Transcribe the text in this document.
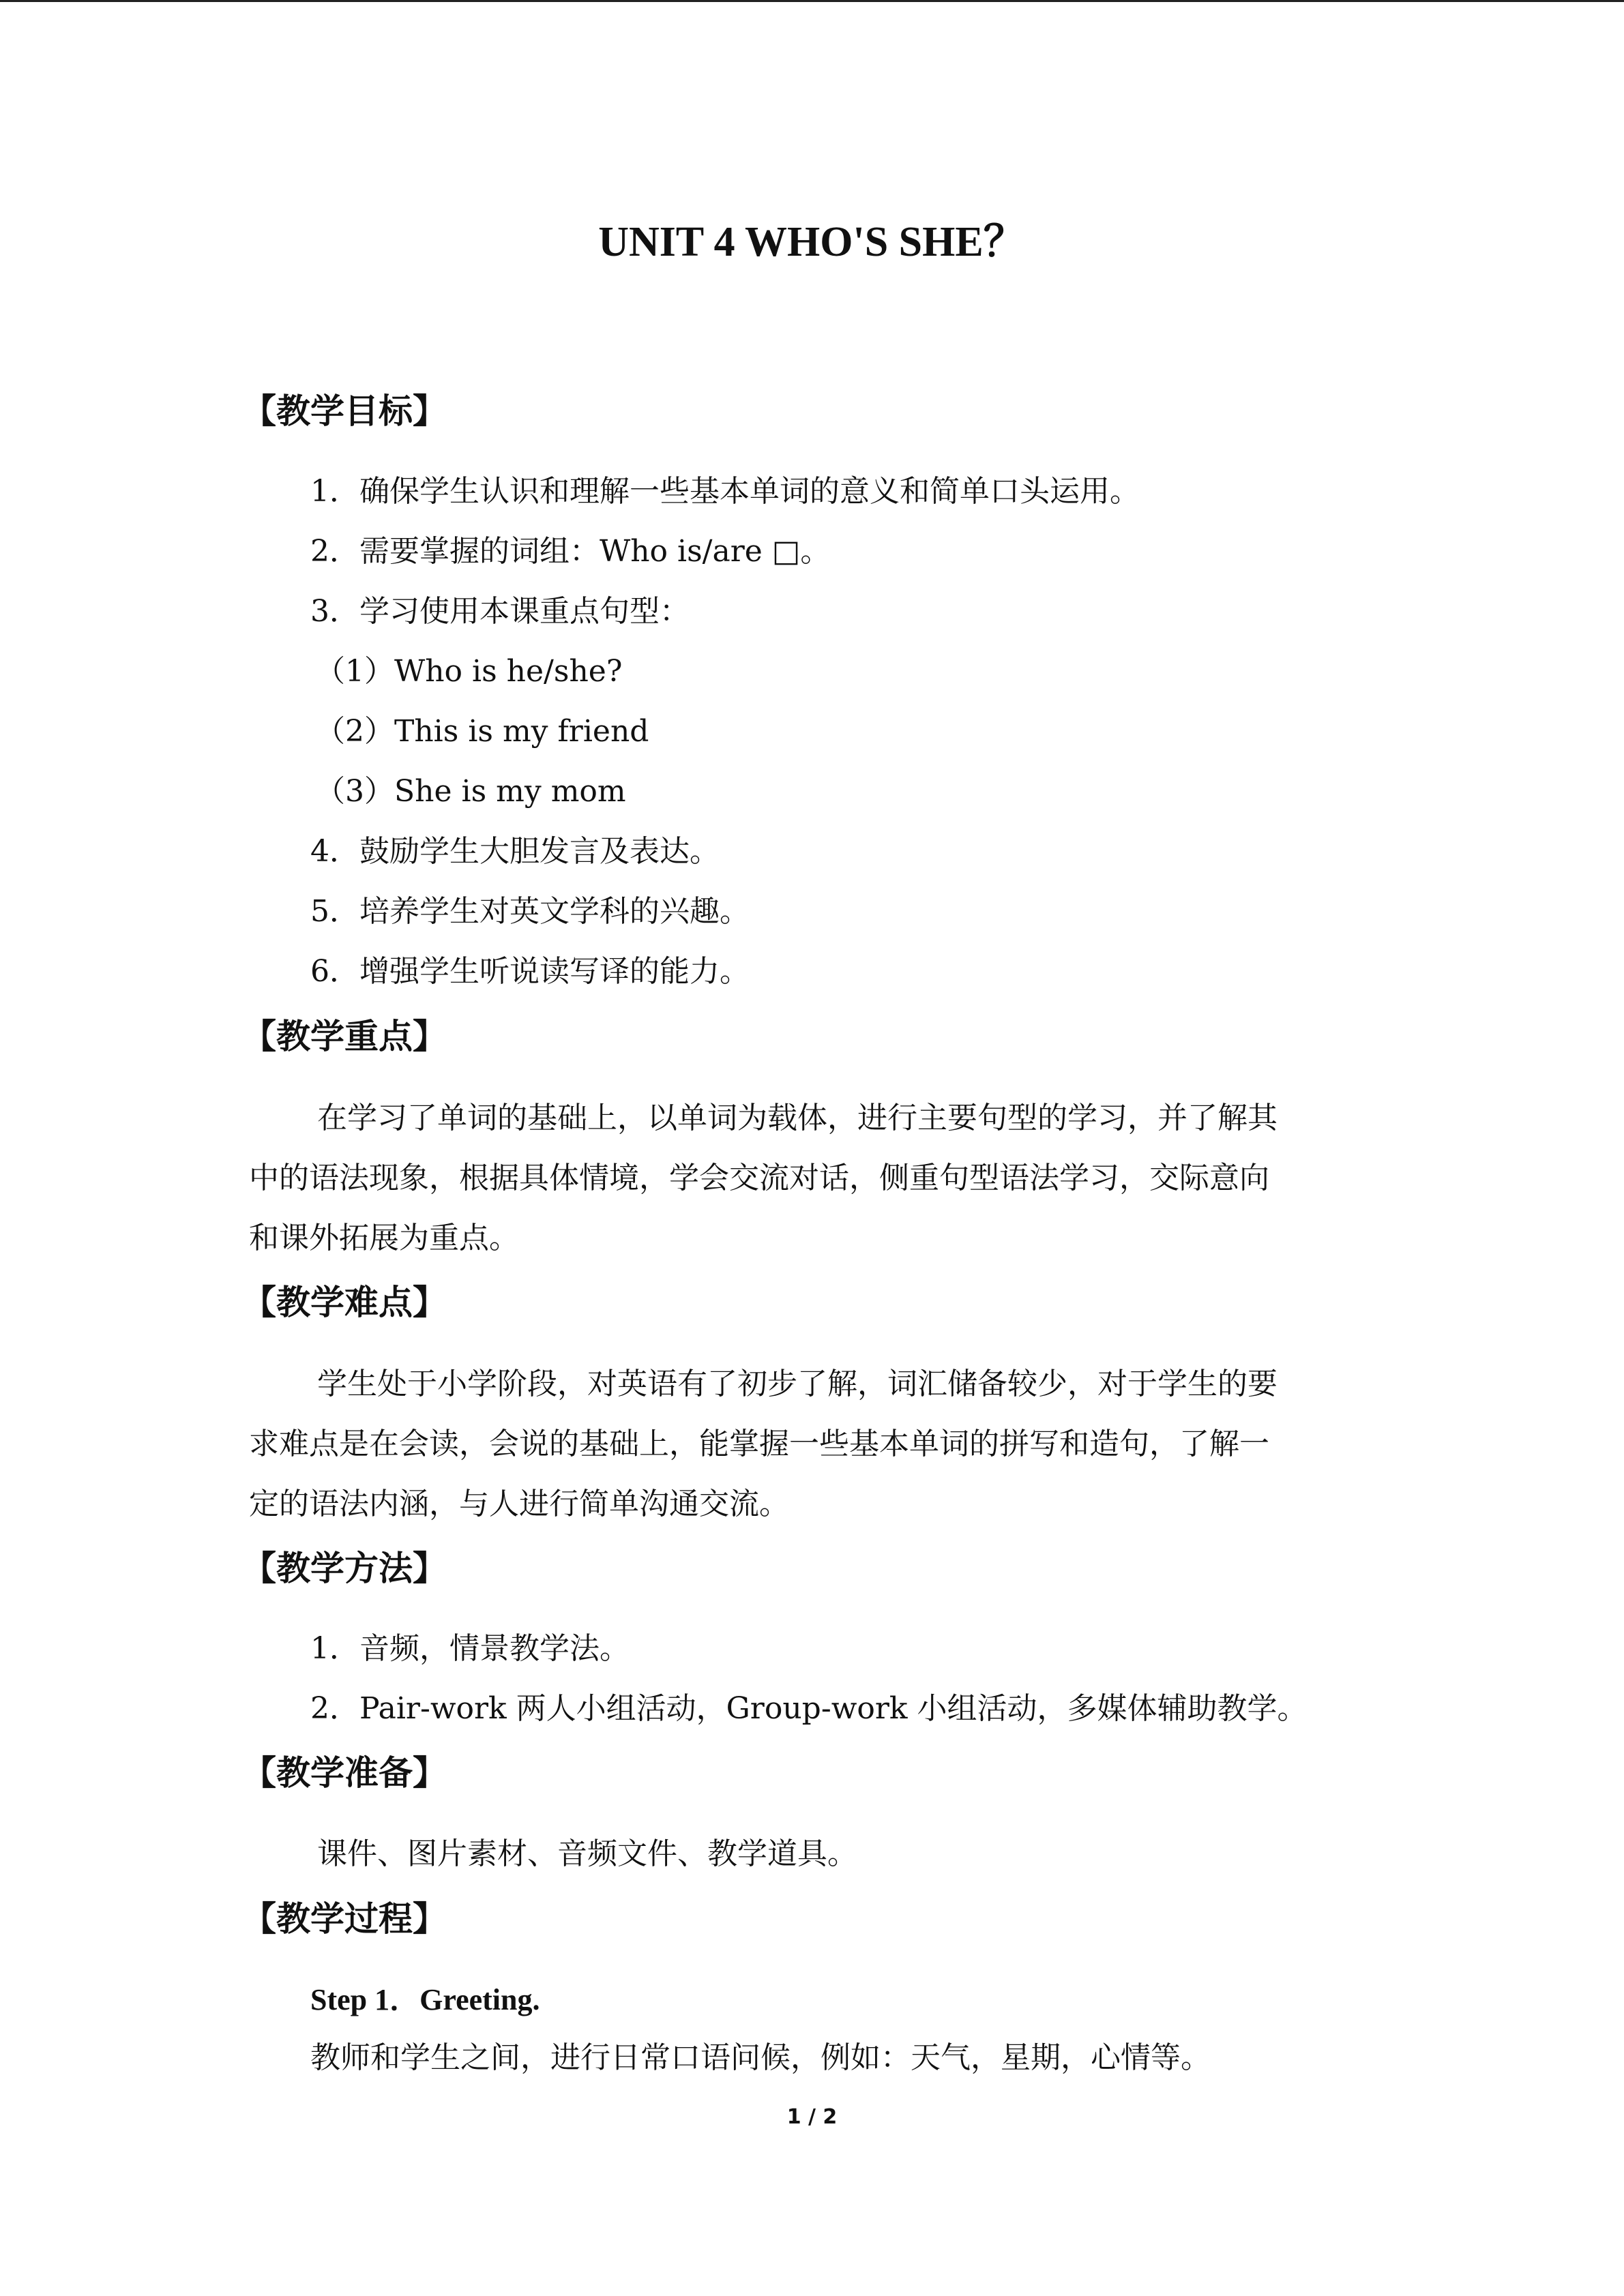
UNIT 4 WHO'S SHE？
【教学目标】
1．确保学生认识和理解一些基本单词的意义和简单口头运用。
2．需要掌握的词组：Who is/are □。
3．学习使用本课重点句型：
（1）Who is he/she?
（2）This is my friend
（3）She is my mom
4．鼓励学生大胆发言及表达。
5．培养学生对英文学科的兴趣。
6．增强学生听说读写译的能力。
【教学重点】
在学习了单词的基础上，以单词为载体，进行主要句型的学习，并了解其
中的语法现象，根据具体情境，学会交流对话，侧重句型语法学习，交际意向
和课外拓展为重点。
【教学难点】
学生处于小学阶段，对英语有了初步了解，词汇储备较少，对于学生的要
求难点是在会读，会说的基础上，能掌握一些基本单词的拼写和造句，了解一
定的语法内涵，与人进行简单沟通交流。
【教学方法】
1．音频，情景教学法。
2．Pair-work 两人小组活动，Group-work 小组活动，多媒体辅助教学。
【教学准备】
课件、图片素材、音频文件、教学道具。
【教学过程】
Step 1．Greeting.
教师和学生之间，进行日常口语问候，例如：天气，星期，心情等。
1 / 2
